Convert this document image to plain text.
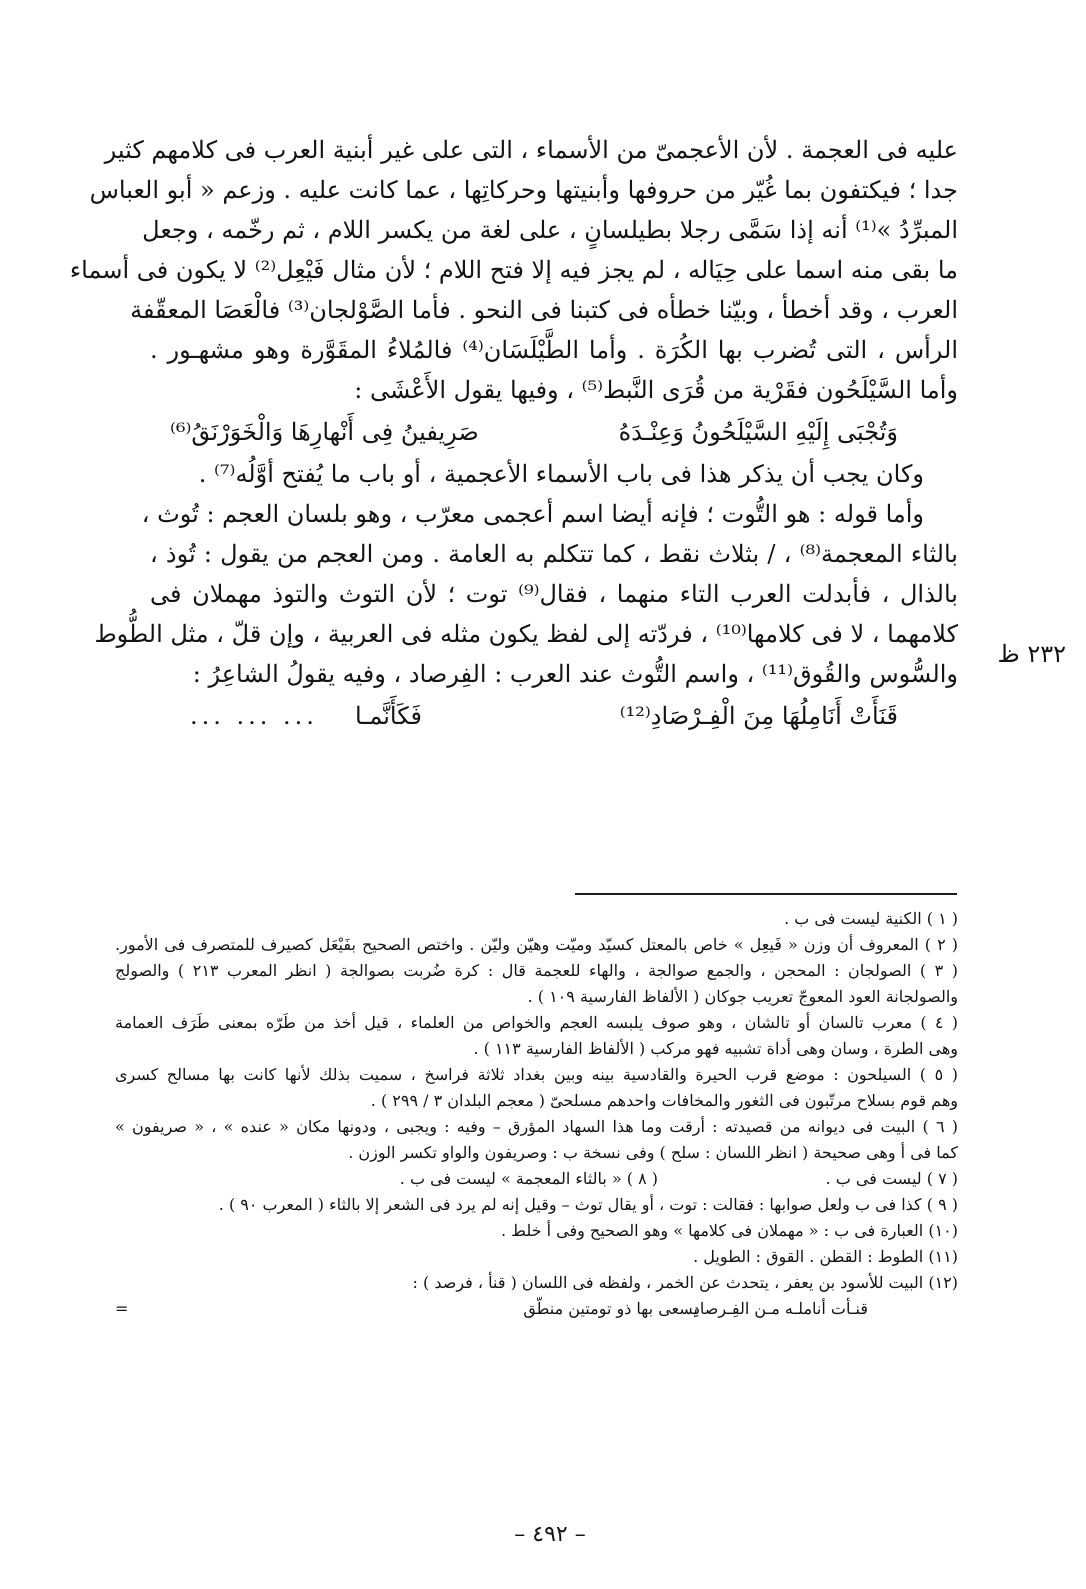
عليه فى العجمة . لأن الأعجمىّ من الأسماء ، التى على غير أبنية العرب فى كلامهم كثير
جدا ؛ فيكتفون بما غُيّر من حروفها وأبنيتها وحركاتِها ، عما كانت عليه . وزعم « أبو العباس
المبرِّدُ »⁽¹⁾ أنه إذا سَمَّى رجلا بطيلسانٍ ، على لغة من يكسر اللام ، ثم رخّمه ، وجعل
ما بقى منه اسما على حِيَاله ، لم يجز فيه إلا فتح اللام ؛ لأن مثال فَيْعِل⁽²⁾ لا يكون فى أسماء
العرب ، وقد أخطأ ، وبيّنا خطأه فى كتبنا فى النحو . فأما الصَّوْلجان⁽³⁾ فالْعَصَا المعقّفة
الرأس ، التى تُضرب بها الكُرَة . وأما الطَّيْلَسَان⁽⁴⁾ فالمُلاءُ المقَوَّرة وهو مشهـور .
وأما السَّيْلَحُون فقَرْية من قُرَى النَّبط⁽⁵⁾ ، وفيها يقول الأَعْشَى :
وَتُجْبَى إِلَيْهِ السَّيْلَحُونُ وَعِنْـدَهُ
صَرِيفينُ فِى أَنْهارِهَا وَالْخَوَرْنَقُ⁽⁶⁾
وكان يجب أن يذكر هذا فى باب الأسماء الأعجمية ، أو باب ما يُفتح أوَّلُه⁽⁷⁾ .
وأما قوله : هو التُّوت ؛ فإنه أيضا اسم أعجمى معرّب ، وهو بلسان العجم : تُوث ،
بالثاء المعجمة⁽⁸⁾ ، / بثلاث نقط ، كما تتكلم به العامة . ومن العجم من يقول : تُوذ ،
بالذال ، فأبدلت العرب التاء منهما ، فقال⁽⁹⁾ توت ؛ لأن التوث والتوذ مهملان فى
كلامهما ، لا فى كلامها⁽¹⁰⁾ ، فردّته إلى لفظ يكون مثله فى العربية ، وإن قلّ ، مثل الطُّوط
والسُّوس والقُوق⁽¹¹⁾ ، واسم التُّوث عند العرب : الفِرصاد ، وفيه يقولُ الشاعِرُ :
قَنَأَتْ أَنَامِلُهَا مِنَ الْفِـرْصَادِ⁽¹²⁾
فَكَأَنَّمـا
... ... ...
٢٣٢ ظ
( ١ ) الكنية ليست فى ب .
( ٢ ) المعروف أن وزن « فَيعِل » خاص بالمعتل كسيّد وميّت وهيّن وليّن . واختص الصحيح بفَيْعَل كصيرف للمتصرف فى الأمور.
( ٣ ) الصولجان : المحجن ، والجمع صوالجة ، والهاء للعجمة قال : كرة ضُربت بصوالجة ( انظر المعرب ٢١٣ ) والصولج
والصولجانة العود المعوجّ تعريب جوكان ( الألفاظ الفارسية ١٠٩ ) .
( ٤ ) معرب تالسان أو تالشان ، وهو صوف يلبسه العجم والخواص من العلماء ، قيل أخذ من طَرّه بمعنى طَرَف العمامة
وهى الطرة ، وسان وهى أداة تشبيه فهو مركب ( الألفاظ الفارسية ١١٣ ) .
( ٥ ) السيلحون : موضع قرب الحيرة والقادسية بينه وبين بغداد ثلاثة فراسخ ، سميت بذلك لأنها كانت بها مسالح كسرى
وهم قوم بسلاح مرتّبون فى الثغور والمخافات واحدهم مسلحىّ ( معجم البلدان ٣ / ٢٩٩ ) .
( ٦ ) البيت فى ديوانه من قصيدته : أرقت وما هذا السهاد المؤرق – وفيه : ويجبى ، ودونها مكان « عنده » ، « صريفون »
كما فى أ وهى صحيحة ( انظر اللسان : سلح ) وفى نسخة ب : وصريفون والواو تكسر الوزن .
( ٧ ) ليست فى ب .
( ٨ ) « بالثاء المعجمة » ليست فى ب .
( ٩ ) كذا فى ب ولعل صوابها : فقالت : توت ، أو يقال توث – وقيل إنه لم يرد فى الشعر إلا بالثاء ( المعرب ٩٠ ) .
(١٠) العبارة فى ب : « مهملان فى كلامها » وهو الصحيح وفى أ خلط .
(١١) الطوط : القطن . القوق : الطويل .
(١٢) البيت للأسود بن يعفر ، يتحدث عن الخمر ، ولفظه فى اللسان ( قنأ ، فرصد ) :
يسعى بها ذو تومتين منطّق
قنـأت أناملـه مـن الفِـرصادِ
=
– ٤٩٢ –
